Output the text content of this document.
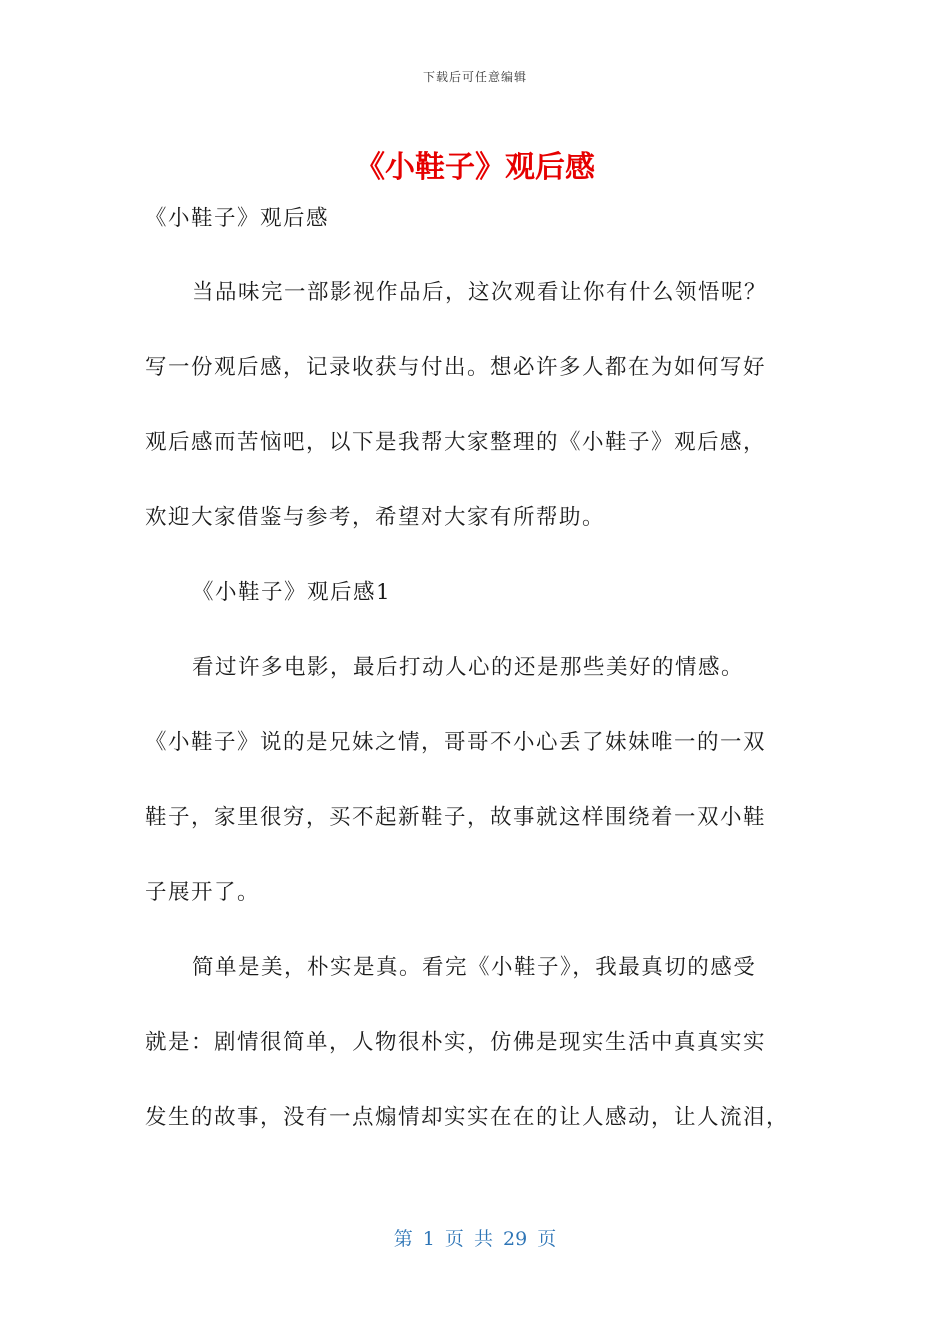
下载后可任意编辑
《小鞋子》观后感
《小鞋子》观后感
当品味完一部影视作品后，这次观看让你有什么领悟呢？
写一份观后感，记录收获与付出。想必许多人都在为如何写好
观后感而苦恼吧，以下是我帮大家整理的《小鞋子》观后感，
欢迎大家借鉴与参考，希望对大家有所帮助。
《小鞋子》观后感1
看过许多电影，最后打动人心的还是那些美好的情感。
《小鞋子》说的是兄妹之情，哥哥不小心丢了妹妹唯一的一双
鞋子，家里很穷，买不起新鞋子，故事就这样围绕着一双小鞋
子展开了。
简单是美，朴实是真。看完《小鞋子》，我最真切的感受
就是：剧情很简单，人物很朴实，仿佛是现实生活中真真实实
发生的故事，没有一点煽情却实实在在的让人感动，让人流泪，
第 1 页 共 29 页
